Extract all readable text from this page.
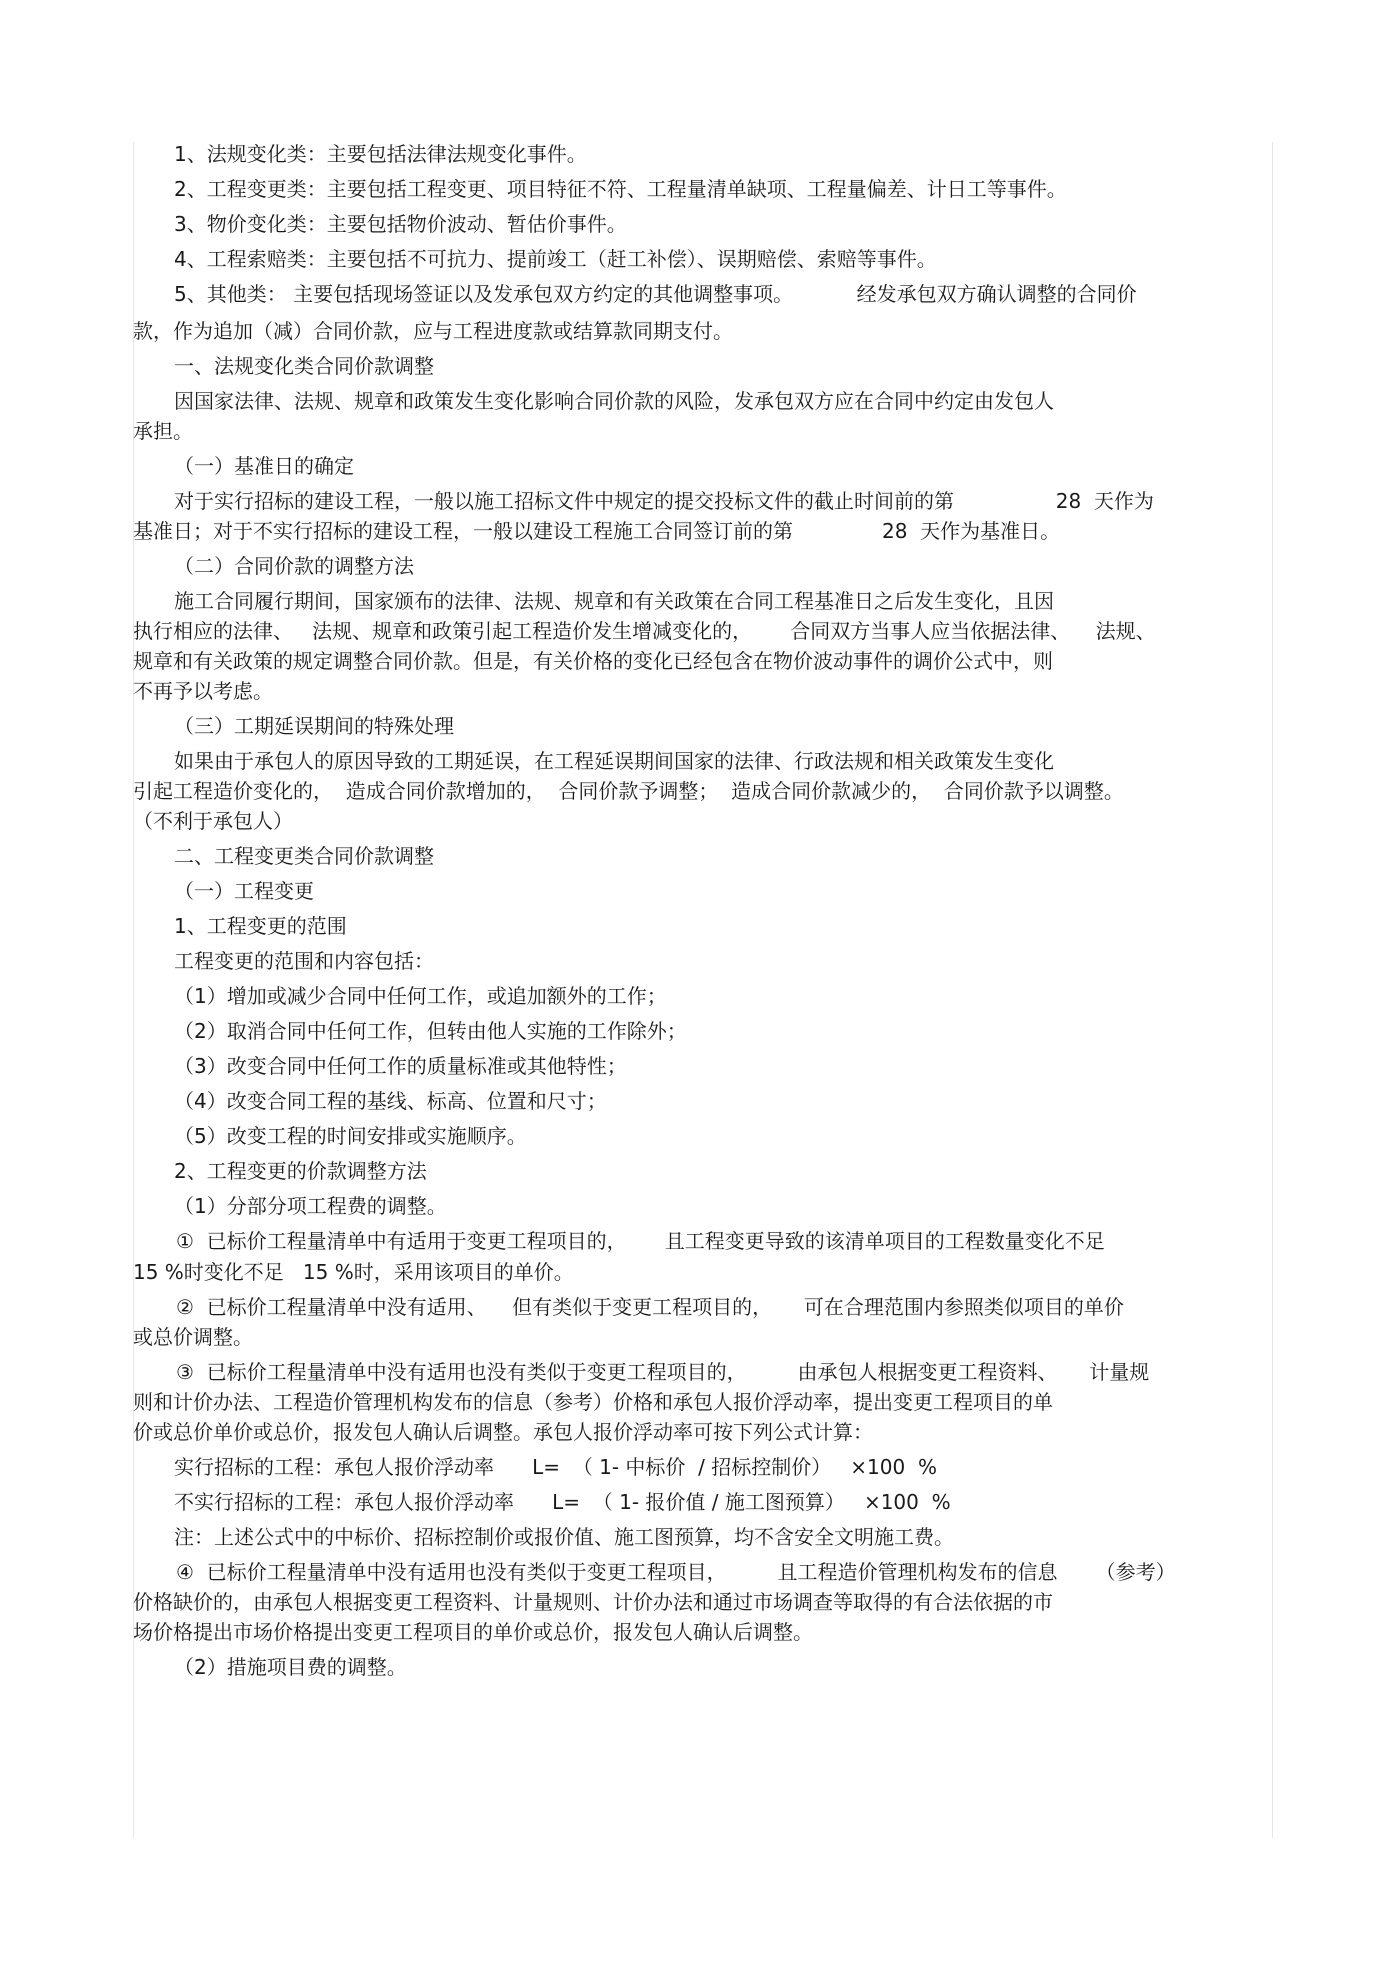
1、法规变化类：主要包括法律法规变化事件。

2、工程变更类：主要包括工程变更、项目特征不符、工程量清单缺项、工程量偏差、计日工等事件。

3、物价变化类：主要包括物价波动、暂估价事件。

4、工程索赔类：主要包括不可抗力、提前竣工（赶工补偿）、误期赔偿、索赔等事件。

5、其他类： 主要包括现场签证以及发承包双方约定的其他调整事项。          经发承包双方确认调整的合同价

款，作为追加（减）合同价款，应与工程进度款或结算款同期支付。

一、法规变化类合同价款调整

因国家法律、法规、规章和政策发生变化影响合同价款的风险，发承包双方应在合同中约定由发包人

承担。

（一）基准日的确定

对于实行招标的建设工程，一般以施工招标文件中规定的提交投标文件的截止时间前的第                28  天作为

基准日；对于不实行招标的建设工程，一般以建设工程施工合同签订前的第              28  天作为基准日。

（二）合同价款的调整方法

施工合同履行期间，国家颁布的法律、法规、规章和有关政策在合同工程基准日之后发生变化，且因

执行相应的法律、   法规、规章和政策引起工程造价发生增减变化的，      合同双方当事人应当依据法律、    法规、

规章和有关政策的规定调整合同价款。但是，有关价格的变化已经包含在物价波动事件的调价公式中，则

不再予以考虑。

（三）工期延误期间的特殊处理

如果由于承包人的原因导致的工期延误，在工程延误期间国家的法律、行政法规和相关政策发生变化

引起工程造价变化的，  造成合同价款增加的，  合同价款予调整；  造成合同价款减少的，  合同价款予以调整。

（不利于承包人）

二、工程变更类合同价款调整

（一）工程变更

1、工程变更的范围

工程变更的范围和内容包括：

（1）增加或减少合同中任何工作，或追加额外的工作；

（2）取消合同中任何工作，但转由他人实施的工作除外；

（3）改变合同中任何工作的质量标准或其他特性；

（4）改变合同工程的基线、标高、位置和尺寸；

（5）改变工程的时间安排或实施顺序。

2、工程变更的价款调整方法

（1）分部分项工程费的调整。

①  已标价工程量清单中有适用于变更工程项目的，      且工程变更导致的该清单项目的工程数量变化不足

15 %时变化不足   15 %时，采用该项目的单价。

②  已标价工程量清单中没有适用、    但有类似于变更工程项目的，     可在合理范围内参照类似项目的单价

或总价调整。

③  已标价工程量清单中没有适用也没有类似于变更工程项目的，        由承包人根据变更工程资料、     计量规

则和计价办法、工程造价管理机构发布的信息（参考）价格和承包人报价浮动率，提出变更工程项目的单

价或总价单价或总价，报发包人确认后调整。承包人报价浮动率可按下列公式计算：

实行招标的工程：承包人报价浮动率      L=  （ 1- 中标价  / 招标控制价）   ×100  %

不实行招标的工程：承包人报价浮动率      L=  （ 1- 报价值 / 施工图预算）   ×100  %

注：上述公式中的中标价、招标控制价或报价值、施工图预算，均不含安全文明施工费。

④  已标价工程量清单中没有适用也没有类似于变更工程项目，        且工程造价管理机构发布的信息      （参考）

价格缺价的，由承包人根据变更工程资料、计量规则、计价办法和通过市场调查等取得的有合法依据的市

场价格提出市场价格提出变更工程项目的单价或总价，报发包人确认后调整。

（2）措施项目费的调整。
